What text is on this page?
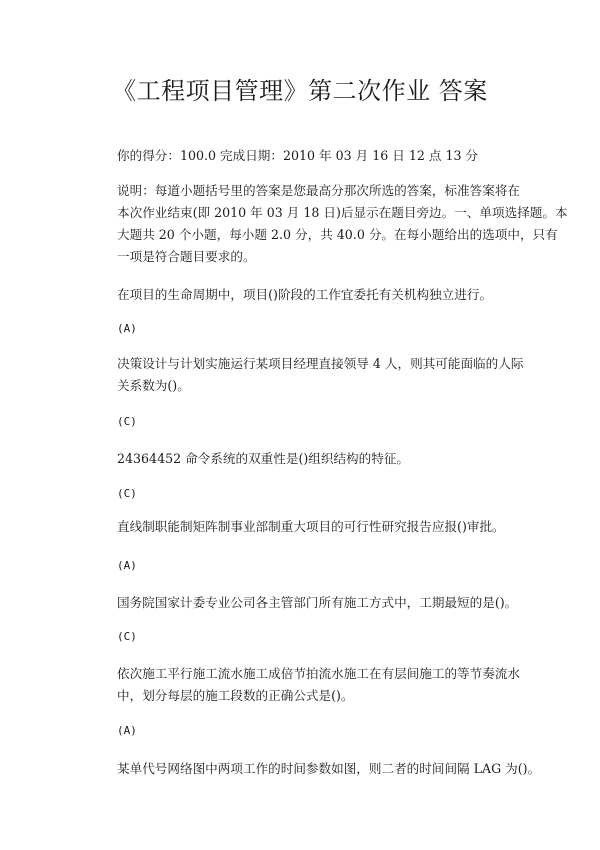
《工程项目管理》第二次作业 答案
你的得分：100.0 完成日期：2010 年 03 月 16 日 12 点 13 分
说明：每道小题括号里的答案是您最高分那次所选的答案，标准答案将在
本次作业结束(即 2010 年 03 月 18 日)后显示在题目旁边。一、单项选择题。本
大题共 20 个小题，每小题 2.0 分，共 40.0 分。在每小题给出的选项中，只有
一项是符合题目要求的。
在项目的生命周期中，项目()阶段的工作宜委托有关机构独立进行。
(A)
决策设计与计划实施运行某项目经理直接领导 4 人，则其可能面临的人际
关系数为()。
(C)
24364452 命令系统的双重性是()组织结构的特征。
(C)
直线制职能制矩阵制事业部制重大项目的可行性研究报告应报()审批。
(A)
国务院国家计委专业公司各主管部门所有施工方式中，工期最短的是()。
(C)
依次施工平行施工流水施工成倍节拍流水施工在有层间施工的等节奏流水
中，划分每层的施工段数的正确公式是()。
(A)
某单代号网络图中两项工作的时间参数如图，则二者的时间间隔 LAG 为()。
